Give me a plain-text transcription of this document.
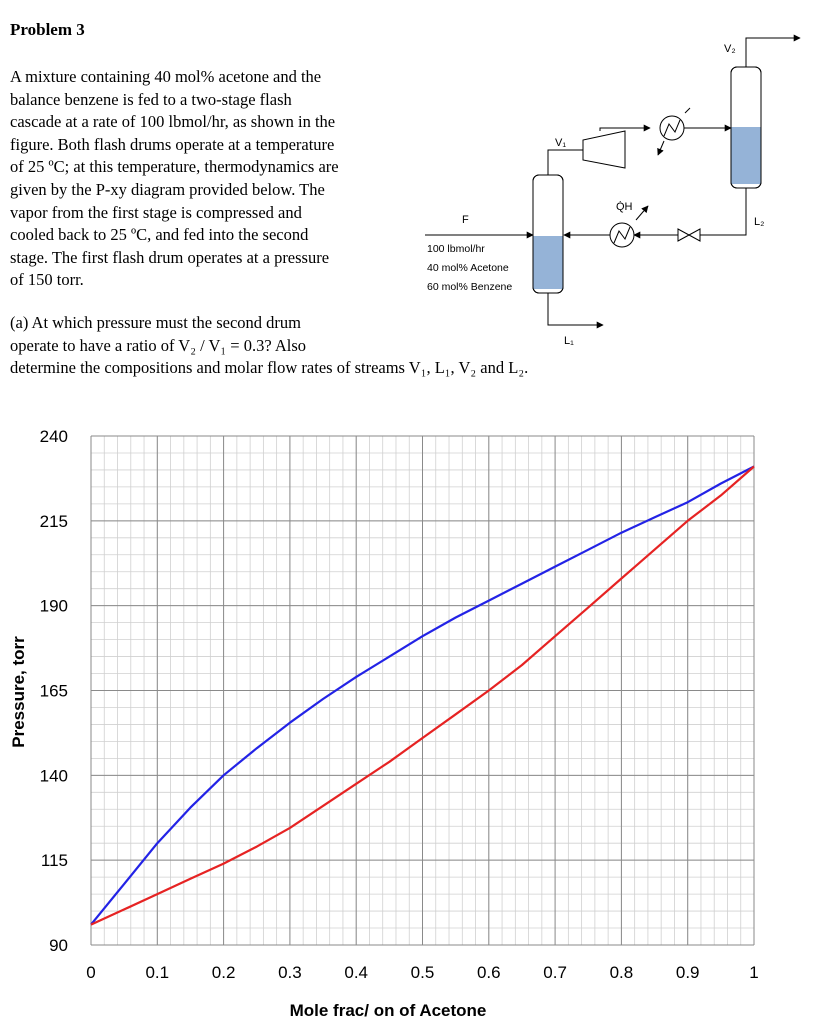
Problem 3
A mixture containing 40 mol% acetone and the
balance benzene is fed to a two-stage flash
cascade at a rate of 100 lbmol/hr, as shown in the
figure. Both flash drums operate at a temperature
of 25 ºC; at this temperature, thermodynamics are
given by the P-xy diagram provided below. The
vapor from the first stage is compressed and
cooled back to 25 ºC, and fed into the second
stage. The first flash drum operates at a pressure
of 150 torr.
(a) At which pressure must the second drum
operate to have a ratio of V₂ / V₁ = 0.3? Also
determine the compositions and molar flow rates of streams V₁, L₁, V₂ and L₂.
F
100 lbmol/hr
40 mol% Acetone
60 mol% Benzene
V₁
L₁
V₂
L₂
Q̇H
240
215
190
165
140
115
90
0	0.1	0.2	0.3	0.4	0.5	0.6	0.7	0.8	0.9	1
Pressure, torr
Mole frac/ on of Acetone
